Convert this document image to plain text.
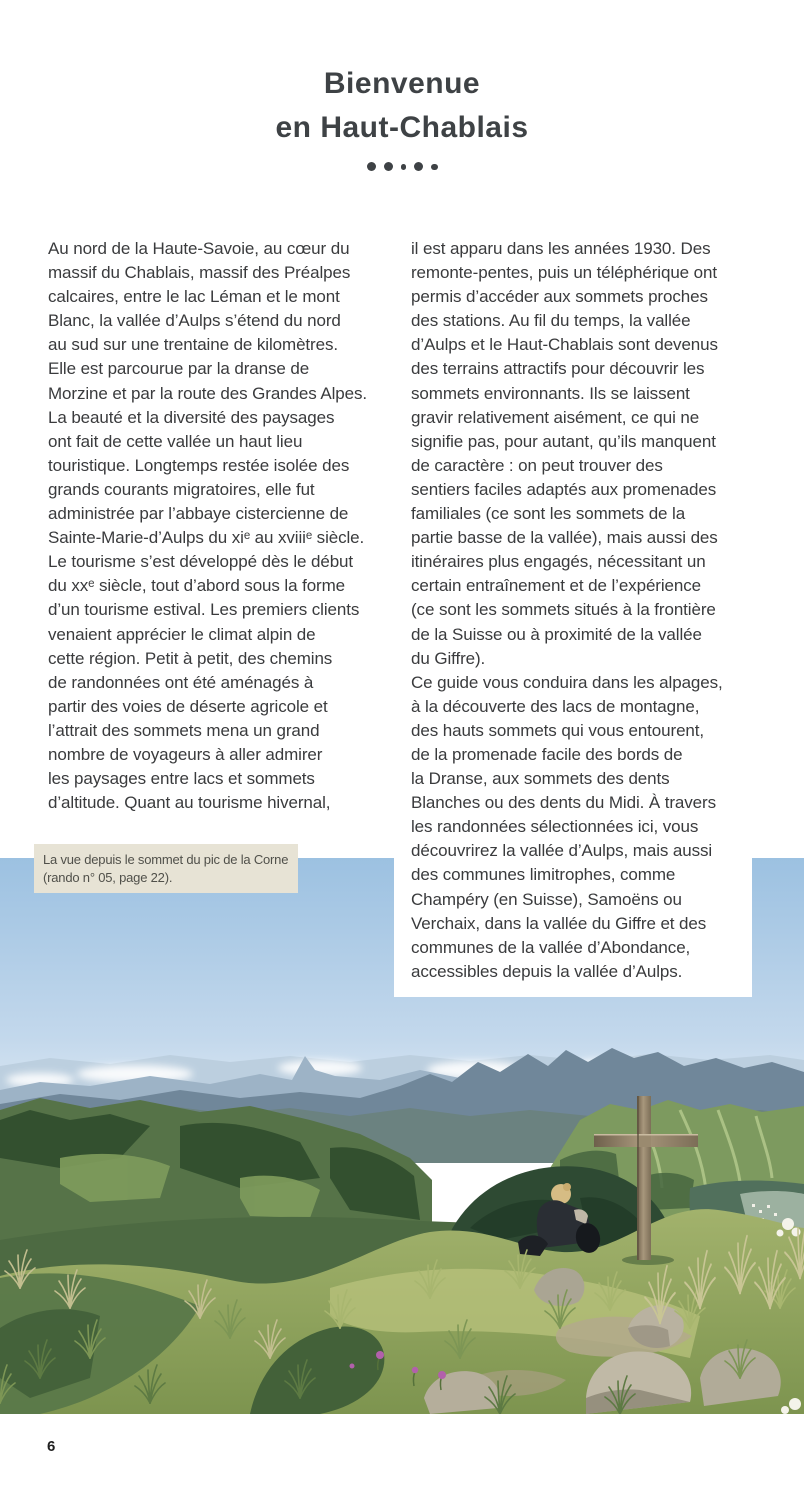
Bienvenue
en Haut-Chablais
Au nord de la Haute-Savoie, au cœur du
massif du Chablais, massif des Préalpes
calcaires, entre le lac Léman et le mont
Blanc, la vallée d’Aulps s’étend du nord
au sud sur une trentaine de kilomètres.
Elle est parcourue par la dranse de
Morzine et par la route des Grandes Alpes.
La beauté et la diversité des paysages
ont fait de cette vallée un haut lieu
touristique. Longtemps restée isolée des
grands courants migratoires, elle fut
administrée par l’abbaye cistercienne de
Sainte-Marie-d’Aulps du xiᵉ au xviiiᵉ siècle.
Le tourisme s’est développé dès le début
du xxᵉ siècle, tout d’abord sous la forme
d’un tourisme estival. Les premiers clients
venaient apprécier le climat alpin de
cette région. Petit à petit, des chemins
de randonnées ont été aménagés à
partir des voies de déserte agricole et
l’attrait des sommets mena un grand
nombre de voyageurs à aller admirer
les paysages entre lacs et sommets
d’altitude. Quant au tourisme hivernal,
il est apparu dans les années 1930. Des
remonte-pentes, puis un téléphérique ont
permis d’accéder aux sommets proches
des stations. Au fil du temps, la vallée
d’Aulps et le Haut-Chablais sont devenus
des terrains attractifs pour découvrir les
sommets environnants. Ils se laissent
gravir relativement aisément, ce qui ne
signifie pas, pour autant, qu’ils manquent
de caractère : on peut trouver des
sentiers faciles adaptés aux promenades
familiales (ce sont les sommets de la
partie basse de la vallée), mais aussi des
itinéraires plus engagés, nécessitant un
certain entraînement et de l’expérience
(ce sont les sommets situés à la frontière
de la Suisse ou à proximité de la vallée
du Giffre).
Ce guide vous conduira dans les alpages,
à la découverte des lacs de montagne,
des hauts sommets qui vous entourent,
de la promenade facile des bords de
la Dranse, aux sommets des dents
Blanches ou des dents du Midi. À travers
les randonnées sélectionnées ici, vous
découvrirez la vallée d’Aulps, mais aussi
des communes limitrophes, comme
Champéry (en Suisse), Samoëns ou
Verchaix, dans la vallée du Giffre et des
communes de la vallée d’Abondance,
accessibles depuis la vallée d’Aulps.
La vue depuis le sommet du pic de la Corne
(rando n° 05, page 22).
6
